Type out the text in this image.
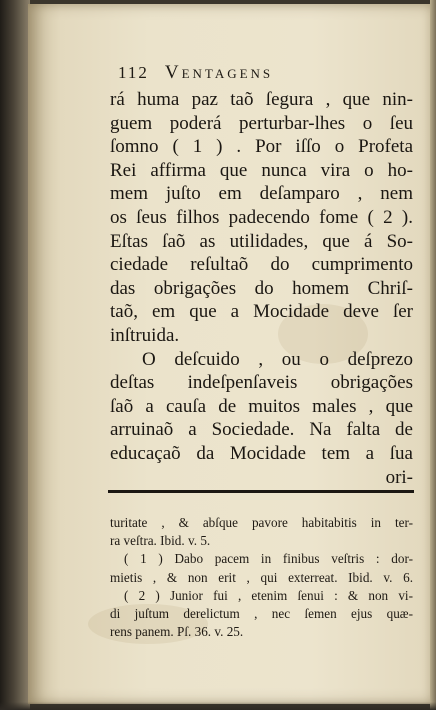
112 Ventagens
rá huma paz taõ ſegura , que nin-
guem poderá perturbar-lhes o ſeu
ſomno ( 1 ) . Por iſſo o Profeta
Rei affirma que nunca vira o ho-
mem juſto em deſamparo , nem
os ſeus filhos padecendo fome ( 2 ).
Eſtas ſaõ as utilidades, que á So-
ciedade reſultaõ do cumprimento
das obrigações do homem Chriſ-
taõ, em que a Mocidade deve ſer
inſtruida.
O deſcuido , ou o deſprezo
deſtas indeſpenſaveis obrigações
ſaõ a cauſa de muitos males , que
arruinaõ a Sociedade. Na falta de
educaçaõ da Mocidade tem a ſua
ori-
turitate , & abſque pavore habitabitis in ter-
ra veſtra. Ibid. v. 5.
( 1 ) Dabo pacem in finibus veſtris : dor-
mietis , & non erit , qui exterreat. Ibid. v. 6.
( 2 ) Junior fui , etenim ſenui : & non vi-
di juſtum derelictum , nec ſemen ejus quæ-
rens panem. Pſ. 36. v. 25.
